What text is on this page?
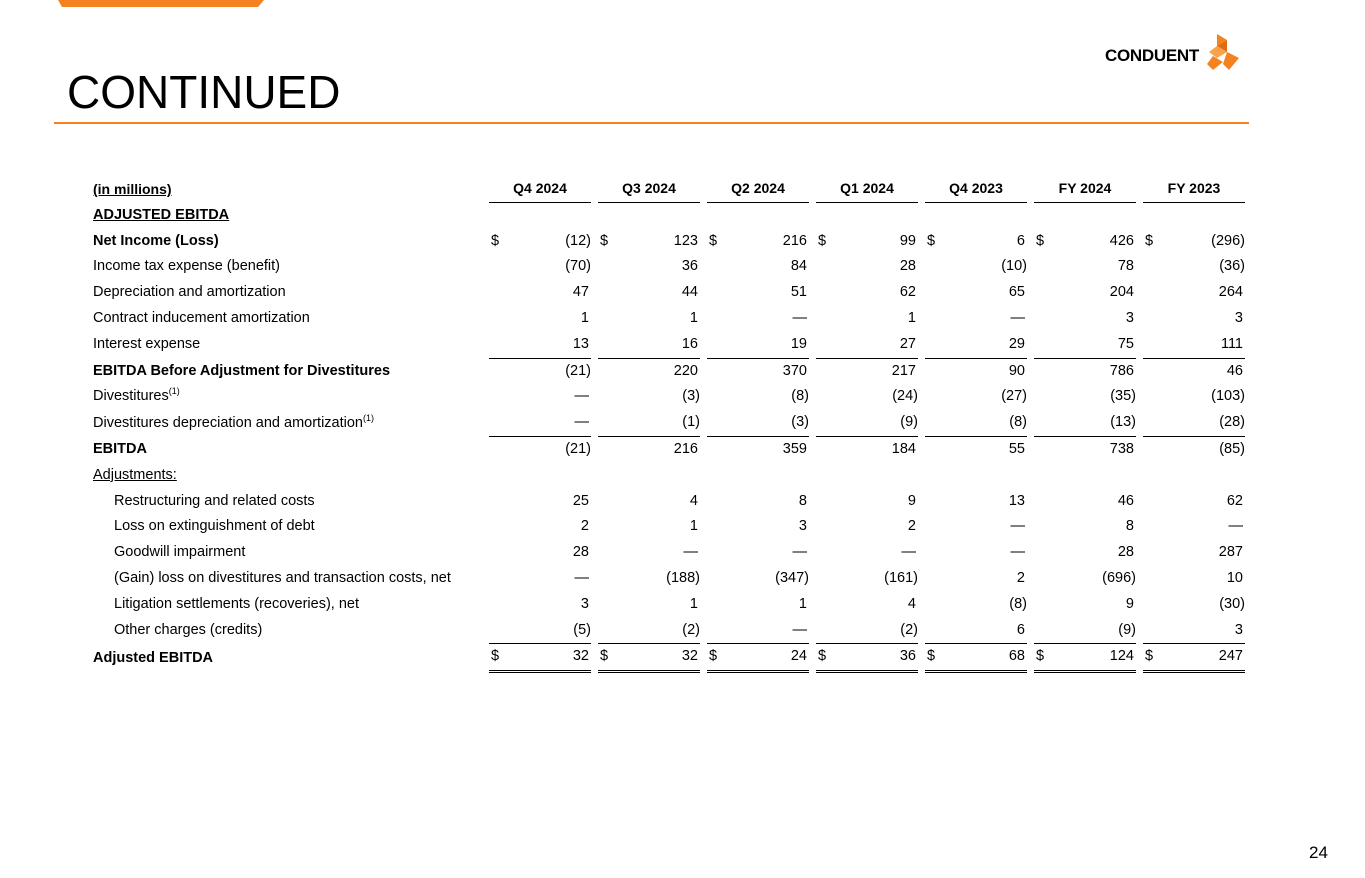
CONDUENT
CONTINUED
(in millions)		Q4 2024			Q3 2024			Q2 2024			Q1 2024			Q4 2023			FY 2024			FY 2023	
ADJUSTED EBITDA																					
Net Income (Loss)		$	(12)		$	123		$	216		$	99		$	6		$	426		$	(296)
Income tax expense (benefit)			(70)			36			84			28			(10)			78			(36)
Depreciation and amortization			47			44			51			62			65			204			264
Contract inducement amortization			1			1			—			1			—			3			3
Interest expense			13			16			19			27			29			75			111
EBITDA Before Adjustment for Divestitures			(21)			220			370			217			90			786			46
Divestitures$^{(1)}$			—			(3)			(8)			(24)			(27)			(35)			(103)
Divestitures depreciation and amortization$^{(1)}$			—			(1)			(3)			(9)			(8)			(13)			(28)
EBITDA			(21)			216			359			184			55			738			(85)
Adjustments:																					
Restructuring and related costs			25			4			8			9			13			46			62
Loss on extinguishment of debt			2			1			3			2			—			8			—
Goodwill impairment			28			—			—			—			—			28			287
(Gain) loss on divestitures and transaction costs, net			—			(188)			(347)			(161)			2			(696)			10
Litigation settlements (recoveries), net			3			1			1			4			(8)			9			(30)
Other charges (credits)			(5)			(2)			—			(2)			6			(9)			3
Adjusted EBITDA		$	32		$	32		$	24		$	36		$	68		$	124		$	247
24
